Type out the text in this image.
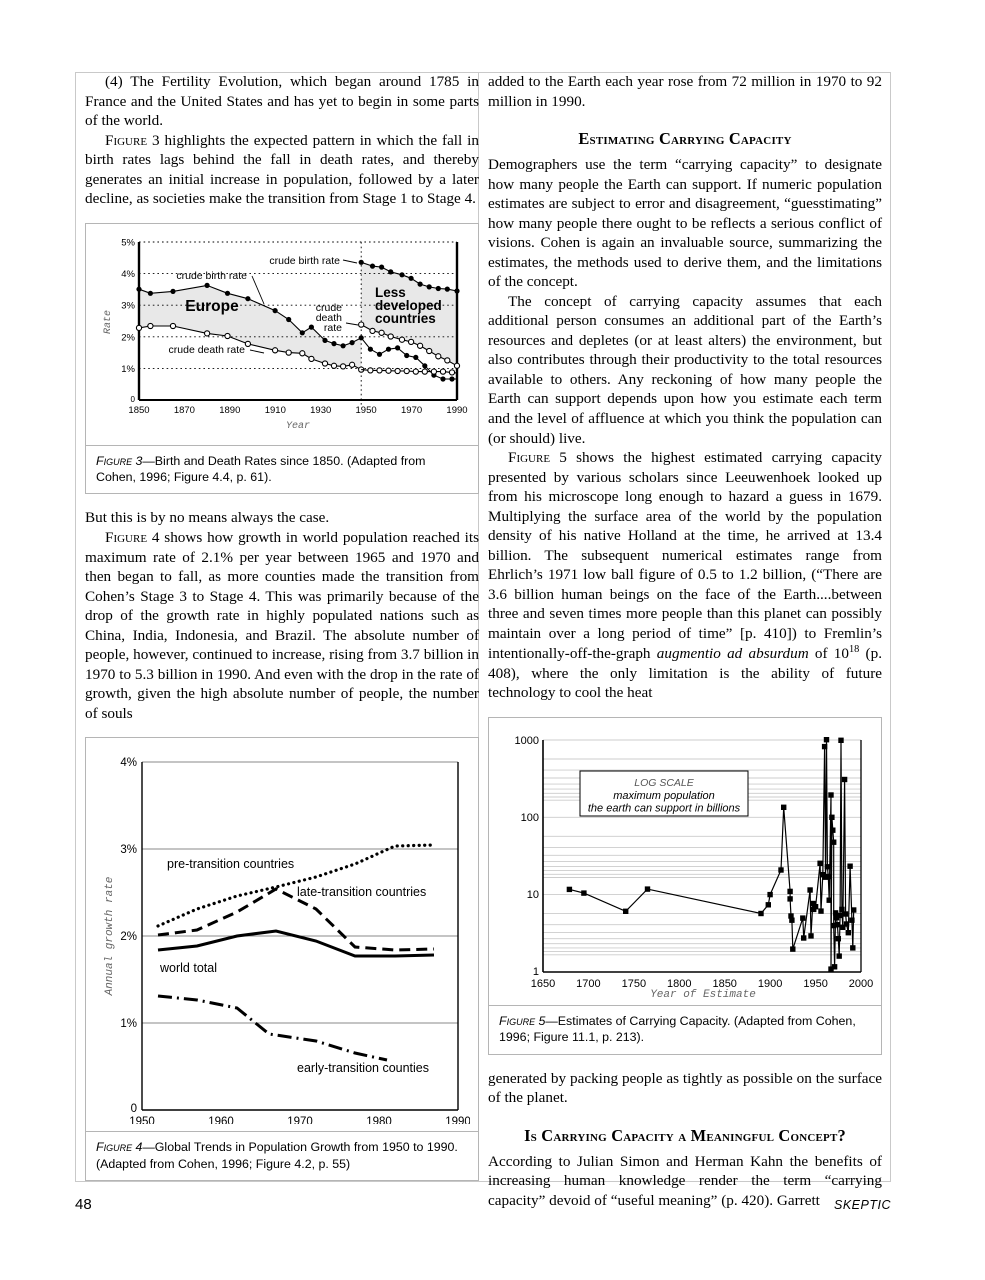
(4) The Fertility Evolution, which began around 1785 in France and the United States and has yet to begin in some parts of the world.

Figure 3 highlights the expected pattern in which the fall in birth rates lags behind the fall in death rates, and thereby generates an initial increase in population, followed by a later decline, as societies make the transition from Stage 1 to Stage 4.

5%
4%
3%
2%
1%
0
1850	1870	1890	1910	1930	1950	1970	1990
Year
Rate
crude birth rate
crude death rate
crude birth rate
crude
death
rate
Europe
Less
developed
countries
Figure 3—Birth and Death Rates since 1850. (Adapted from Cohen, 1996; Figure 4.4, p. 61).

But this is by no means always the case.

Figure 4 shows how growth in world population reached its maximum rate of 2.1% per year between 1965 and 1970 and then began to fall, as more counties made the transition from Cohen’s Stage 3 to Stage 4. This was primarily because of the drop of the growth rate in highly populated nations such as China, India, Indonesia, and Brazil. The absolute number of people, however, continued to increase, rising from 3.7 billion in 1970 to 5.3 billion in 1990. And even with the drop in the rate of growth, given the high absolute number of people, the number of souls

4%
3%
2%
1%
0
1950	1960	1970	1980	1990
pre-transition countries
late-transition countries
world total
early-transition counties
Annual growth rate
Figure 4—Global Trends in Population Growth from 1950 to 1990. (Adapted from Cohen, 1996; Figure 4.2, p. 55)

added to the Earth each year rose from 72 million in 1970 to 92 million in 1990.

Estimating Carrying Capacity

Demographers use the term “carrying capacity” to designate how many people the Earth can support. If numeric population estimates are subject to error and disagreement, “guesstimating” how many people there ought to be reflects a serious conflict of visions. Cohen is again an invaluable source, summarizing the estimates, the methods used to derive them, and the limitations of the concept.

The concept of carrying capacity assumes that each additional person consumes an additional part of the Earth’s resources and depletes (or at least alters) the environment, but also contributes through their productivity to the total resources available to others. Any reckoning of how many people the Earth can support depends upon how you estimate each term and the level of affluence at which you think the population can (or should) live.

Figure 5 shows the highest estimated carrying capacity presented by various scholars since Leeuwenhoek looked up from his microscope long enough to hazard a guess in 1679. Multiplying the surface area of the world by the population density of his native Holland at the time, he arrived at 13.4 billion. The subsequent numerical estimates range from Ehrlich’s 1971 low ball figure of 0.5 to 1.2 billion, (“There are 3.6 billion human beings on the face of the Earth....between three and seven times more people than this planet can possibly maintain over a long period of time” [p. 410]) to Fremlin’s intentionally-off-the-graph augmentio ad absurdum of $10^{18}$ (p. 408), where the only limitation is the ability of future technology to cool the heat

1000
100
10
1
1650 1700 1750 1800 1850 1900 1950 2000
LOG SCALE
maximum population
the earth can support in billions
Year of Estimate
Figure 5—Estimates of Carrying Capacity. (Adapted from Cohen, 1996; Figure 11.1, p. 213).

generated by packing people as tightly as possible on the surface of the planet.

Is Carrying Capacity a Meaningful Concept?

According to Julian Simon and Herman Kahn the benefits of increasing human knowledge render the term “carrying capacity” devoid of “useful meaning” (p. 420). Garrett

48	SKEPTIC
